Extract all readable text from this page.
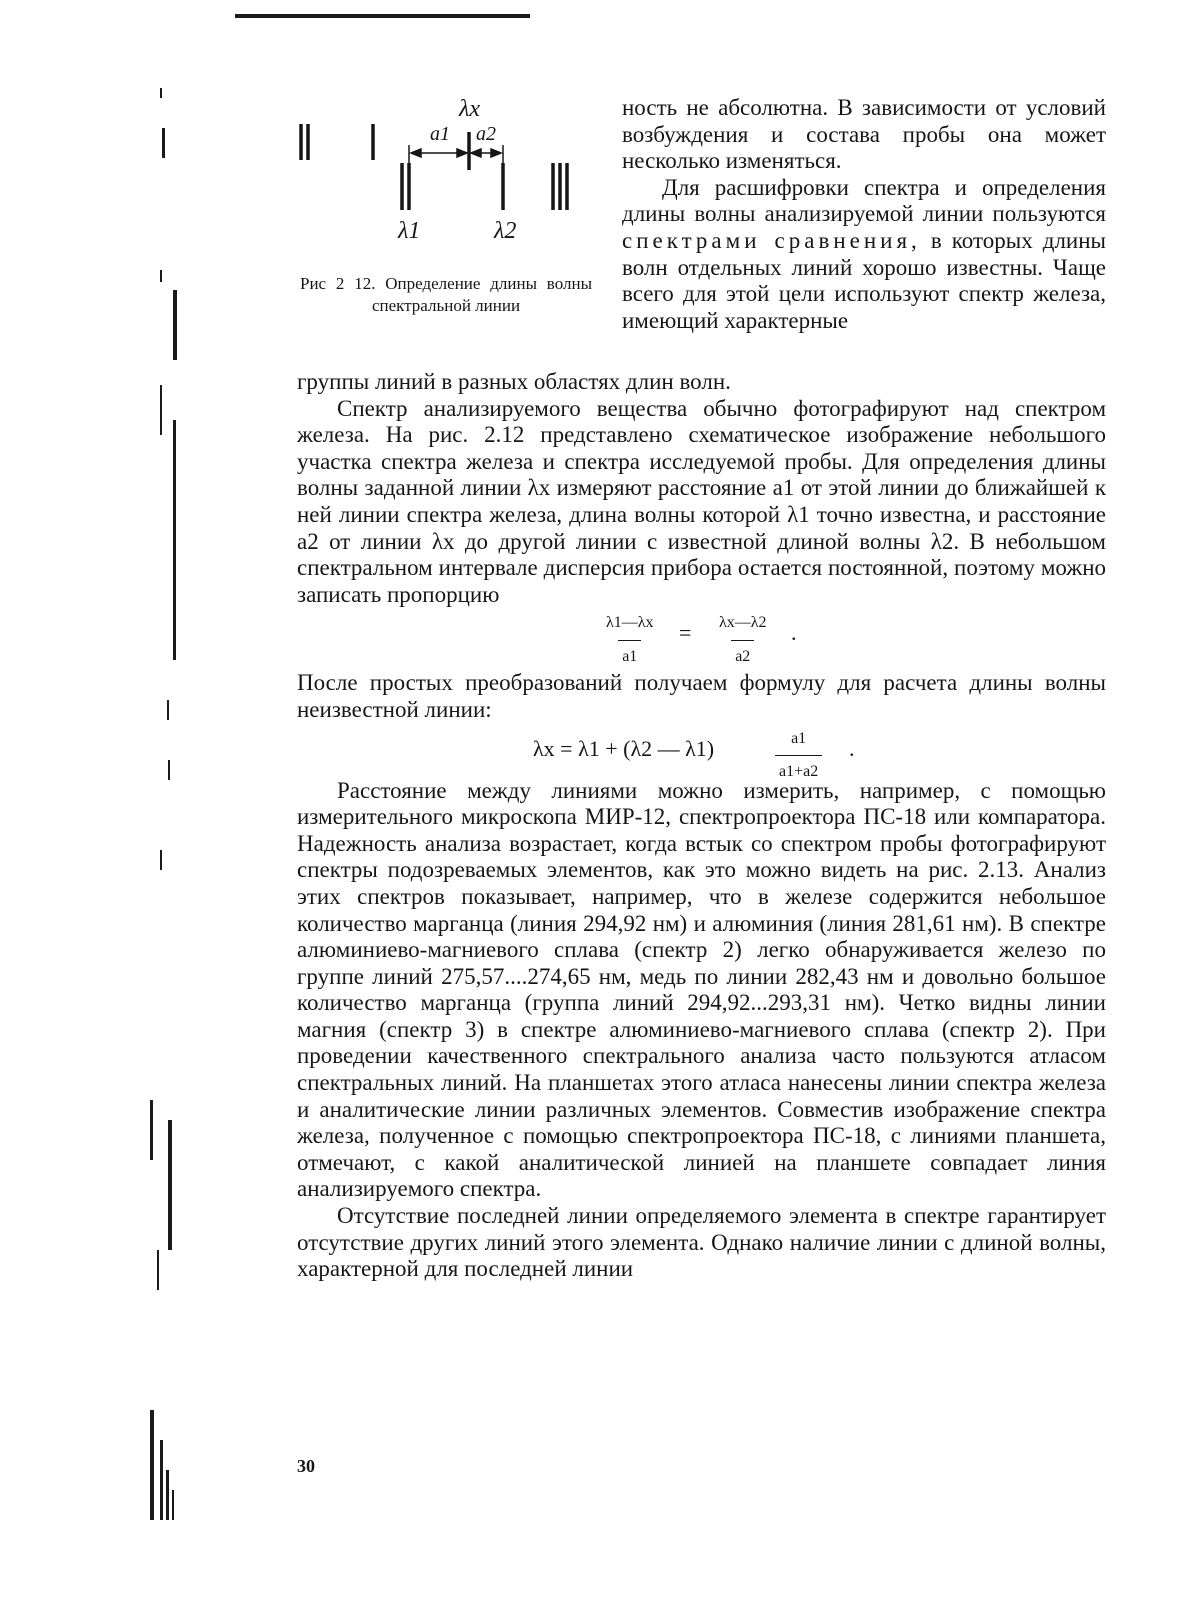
λx
a1 a2
λ1	λ2
Рис 2 12. Определение длины волны спектральной линии

ность не абсолютна. В зависимости от условий возбуждения и состава пробы она может несколько изменяться.

Для расшифровки спектра и определения длины волны анализируемой линии пользуются спектрами сравнения, в которых длины волн отдельных линий хорошо известны. Чаще всего для этой цели используют спектр железа, имеющий характерные

группы линий в разных областях длин волн.

Спектр анализируемого вещества обычно фотографируют над спектром железа. На рис. 2.12 представлено схематическое изображение небольшого участка спектра железа и спектра исследуемой пробы. Для определения длины волны заданной линии λx измеряют расстояние a1 от этой линии до ближайшей к ней линии спектра железа, длина волны которой λ1 точно известна, и расстояние a2 от линии λx до другой линии с известной длиной волны λ2. В небольшом спектральном интервале дисперсия прибора остается постоянной, поэтому можно записать пропорцию

$\frac{\lambda 1—\lambda x}{a1} = \frac{\lambda x—\lambda 2}{a2}$ .

После простых преобразований получаем формулу для расчета длины волны неизвестной линии:

λx = λ1 + (λ2 — λ1)	$\frac{a1}{a1+a2}$ .

Расстояние между линиями можно измерить, например, с помощью измерительного микроскопа МИР-12, спектропроектора ПС-18 или компаратора. Надежность анализа возрастает, когда встык со спектром пробы фотографируют спектры подозреваемых элементов, как это можно видеть на рис. 2.13. Анализ этих спектров показывает, например, что в железе содержится небольшое количество марганца (линия 294,92 нм) и алюминия (линия 281,61 нм). В спектре алюминиево-магниевого сплава (спектр 2) легко обнаруживается железо по группе линий 275,57....274,65 нм, медь по линии 282,43 нм и довольно большое количество марганца (группа линий 294,92...293,31 нм). Четко видны линии магния (спектр 3) в спектре алюминиево-магниевого сплава (спектр 2). При проведении качественного спектрального анализа часто пользуются атласом спектральных линий. На планшетах этого атласа нанесены линии спектра железа и аналитические линии различных элементов. Совместив изображение спектра железа, полученное с помощью спектропроектора ПС-18, с линиями планшета, отмечают, с какой аналитической линией на планшете совпадает линия анализируемого спектра.

Отсутствие последней линии определяемого элемента в спектре гарантирует отсутствие других линий этого элемента. Однако наличие линии с длиной волны, характерной для последней линии

30
